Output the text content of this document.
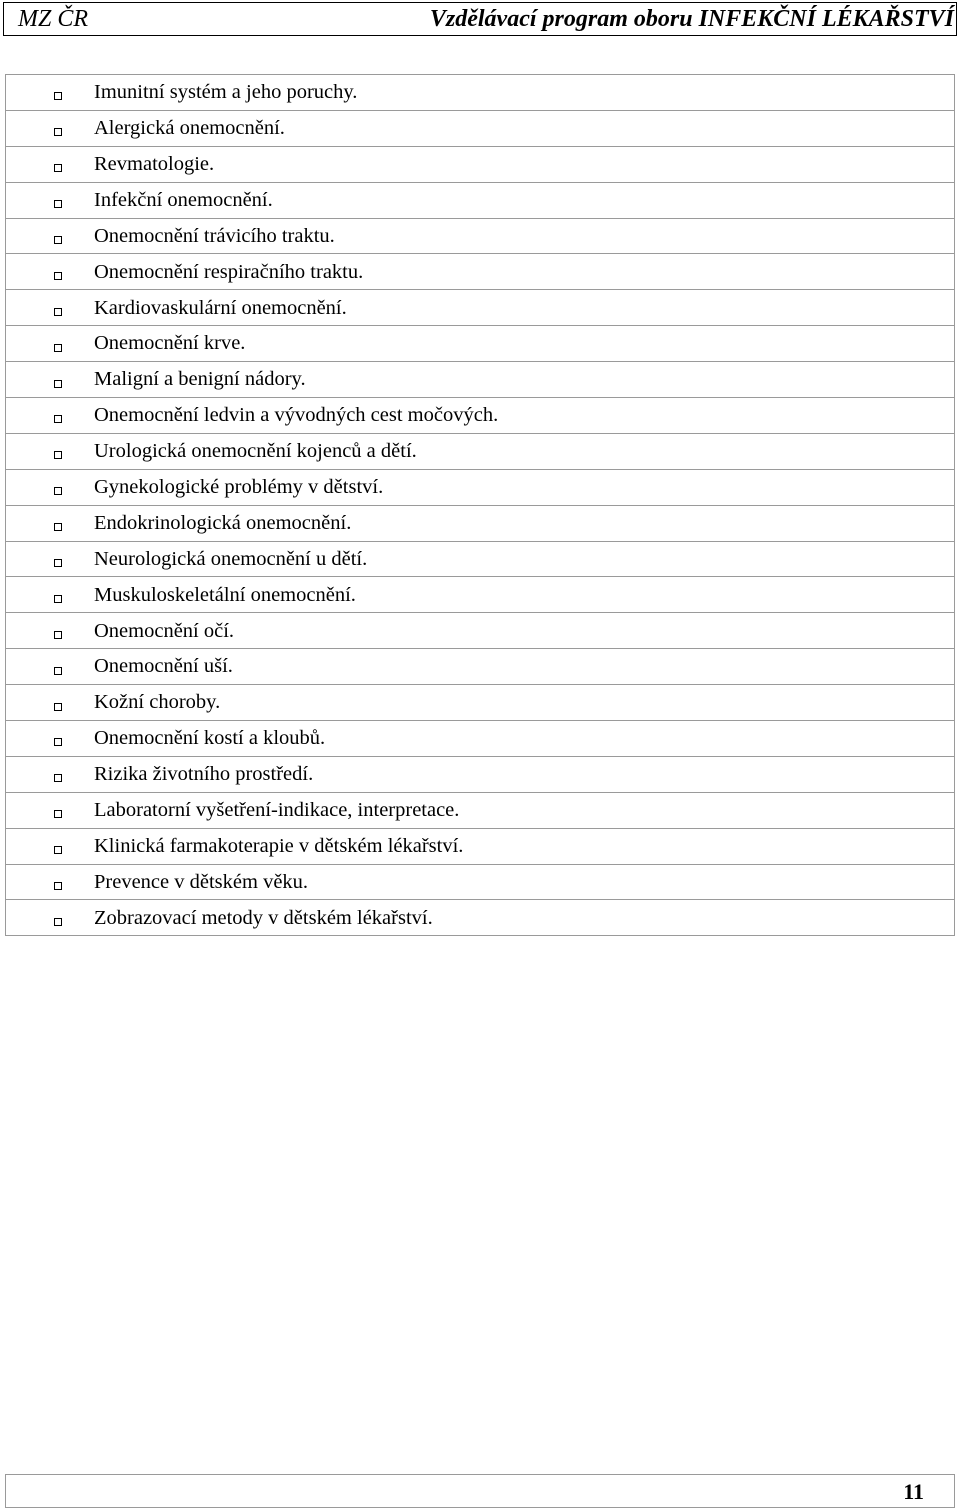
MZ ČR	Vzdělávací program oboru INFEKČNÍ LÉKAŘSTVÍ
Imunitní systém a jeho poruchy.

Alergická onemocnění.

Revmatologie.

Infekční onemocnění.

Onemocnění trávicího traktu.

Onemocnění respiračního traktu.

Kardiovaskulární onemocnění.

Onemocnění krve.

Maligní a benigní nádory.

Onemocnění ledvin a vývodných cest močových.

Urologická onemocnění kojenců a dětí.

Gynekologické problémy v dětství.

Endokrinologická onemocnění.

Neurologická onemocnění u dětí.

Muskuloskeletální onemocnění.

Onemocnění očí.

Onemocnění uší.

Kožní choroby.

Onemocnění kostí a kloubů.

Rizika životního prostředí.

Laboratorní vyšetření-indikace, interpretace.

Klinická farmakoterapie v dětském lékařství.

Prevence v dětském věku.

Zobrazovací metody v dětském lékařství.
11
